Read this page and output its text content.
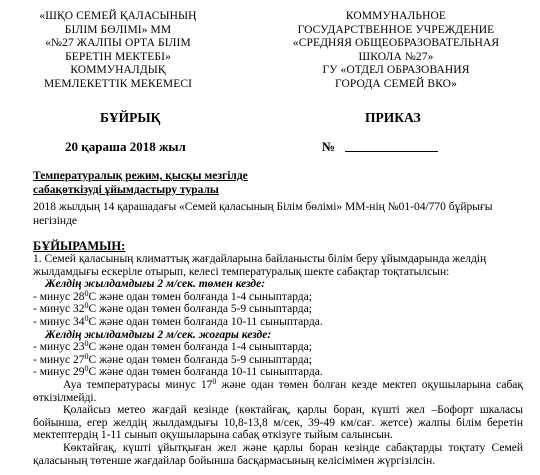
«ШҚО СЕМЕЙ ҚАЛАСЫНЫҢ
БІЛІМ БӨЛІМІ» ММ
«№27 ЖАЛПЫ ОРТА БІЛІМ
БЕРЕТІН МЕКТЕБІ»
КОММУНАЛДЫҚ
МЕМЛЕКЕТТІК МЕКЕМЕСІ
КОММУНАЛЬНОЕ
ГОСУДАРСТВЕННОЕ УЧРЕЖДЕНИЕ
«СРЕДНЯЯ ОБЩЕОБРАЗОВАТЕЛЬНАЯ
ШКОЛА №27»
ГУ «ОТДЕЛ ОБРАЗОВАНИЯ
ГОРОДА СЕМЕЙ ВКО»
БҰЙРЫҚ	ПРИКАЗ
20 қараша 2018 жыл	№
Температуралық режим, қысқы мезгілде
сабақөткізуді ұйымдастыру туралы
2018 жылдың 14 қарашадағы «Семей қаласының Білім бөлімі» ММ-нің №01-04/770 бұйрығы негізінде
БҰЙЫРАМЫН:
1. Семей қаласының климаттық жағдайларына байланысты білім беру ұйымдарында желдің
жылдамдығы ескеріле отырып, келесі температуралық шекте сабақтар тоқтатылсын:
Желдің жылдамдығы 2 м/сек. төмен кезде:
- минус $28^0С$ және одан төмен болғанда 1-4 сыныптарда;
- минус $32^0С$ және одан төмен болғанда 5-9 сыныптарда;
- минус $34^0С$ және одан төмен болғанда 10-11 сыныптарда.
Желдің жылдамдығы 2 м/сек. жоғары кезде:
- минус $23^0С$ және одан төмен болғанда 1-4 сыныптарда;
- минус $27^0С$ және одан төмен болғанда 5-9 сыныптарда;
- минус $29^0С$ және одан төмен болғанда 10-11 сыныптарда.
Ауа температурасы минус $17^0$ және одан төмен болған кезде мектеп оқушыларына сабақ
өткізілмейді.
Қолайсыз метео жағдай кезінде (көктайғақ, қарлы боран, күшті жел –Бофорт шкаласы
бойынша, егер желдің жылдамдығы 10,8-13,8 м/сек, 39-49 км/сағ. жетсе) жалпы білім беретін
мектептердің 1-11 сынып оқушыларына сабақ өткізуге тыйым салынсын.
Көктайғақ, күшті ұйытқыған жел және қарлы боран кезінде сабақтарды тоқтату Семей
қаласының төтенше жағдайлар бойынша басқармасының келісімімен жүргізілсін.
